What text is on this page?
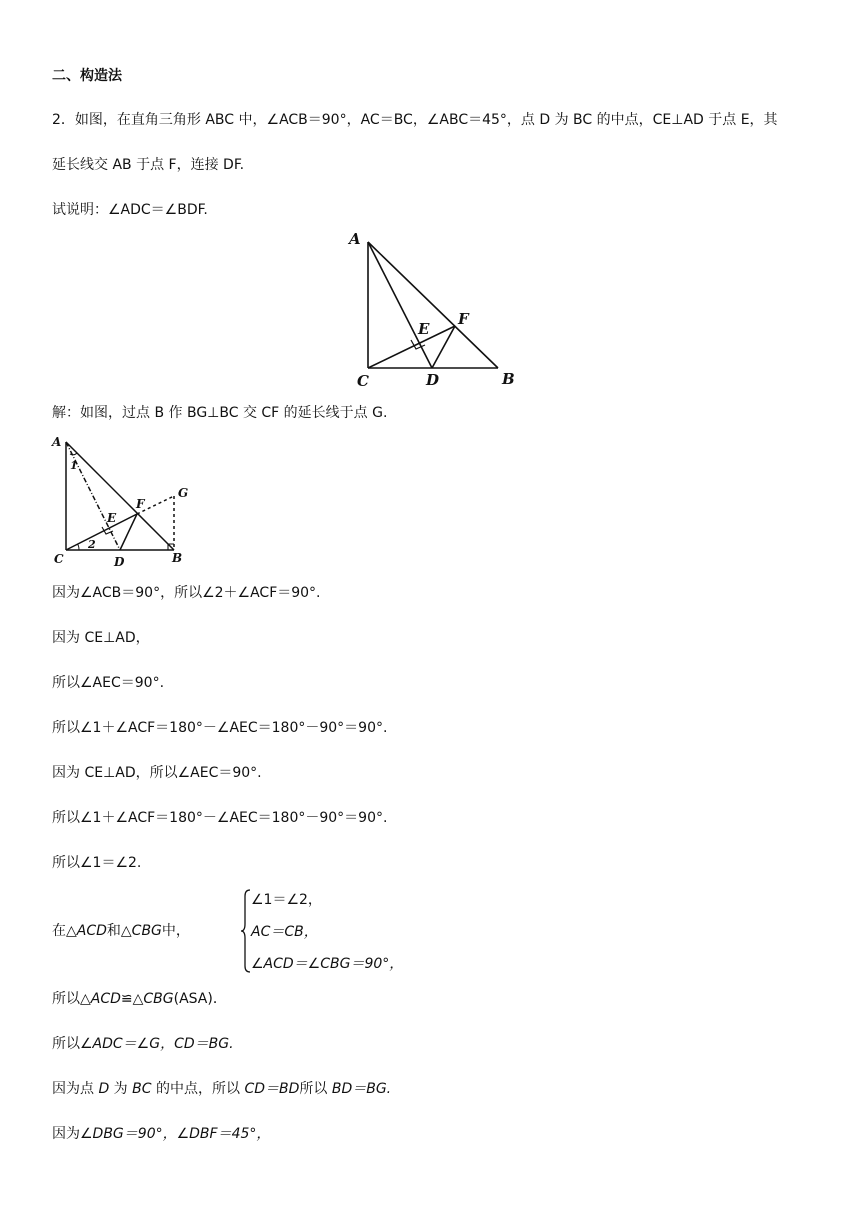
二、构造法
2．如图，在直角三角形 ABC 中，∠ACB＝90°，AC＝BC，∠ABC＝45°，点 D 为 BC 的中点，CE⊥AD 于点 E，其
延长线交 AB 于点 F，连接 DF.
试说明：∠ADC＝∠BDF.
A
B
C	D
E
F
解：如图，过点 B 作 BG⊥BC 交 CF 的延长线于点 G.
A
B
C	D
E
F
G
1
2
因为∠ACB＝90°，所以∠2＋∠ACF＝90°.
因为 CE⊥AD，
所以∠AEC＝90°.
所以∠1＋∠ACF＝180°－∠AEC＝180°－90°＝90°.
因为 CE⊥AD，所以∠AEC＝90°.
所以∠1＋∠ACF＝180°－∠AEC＝180°－90°＝90°.
所以∠1＝∠2.
在△ACD和△CBG中，
∠1＝∠2，
AC＝CB，
∠ACD＝∠CBG＝90°，
所以△ACD≌△CBG(ASA)．
所以∠ADC＝∠G，CD＝BG.
因为点 D 为 BC 的中点，所以 CD＝BD所以 BD＝BG.
因为∠DBG＝90°，∠DBF＝45°，
